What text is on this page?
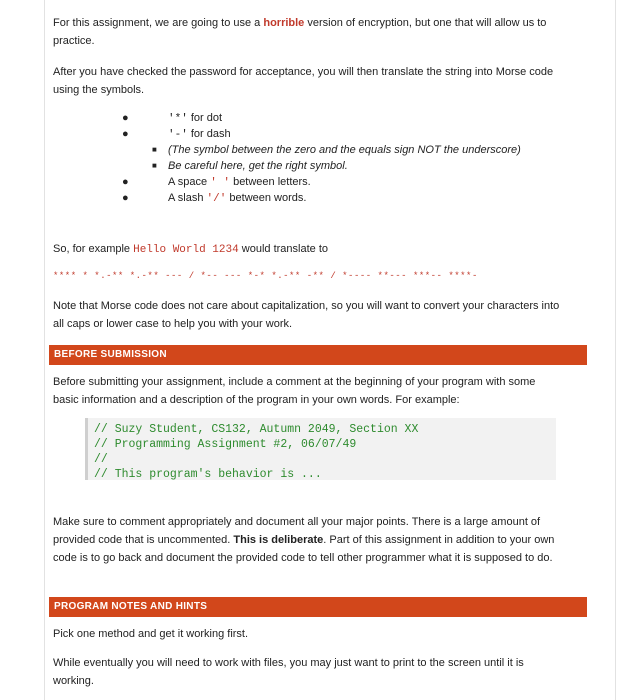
For this assignment, we are going to use a horrible version of encryption, but one that will allow us to practice.

After you have checked the password for acceptance, you will then translate the string into Morse code using the symbols.

●	'*' for dot
●	'-' for dash
■ (The symbol between the zero and the equals sign NOT the underscore)
■ Be careful here, get the right symbol.
●	A space ' ' between letters.
●	A slash '/' between words.

So, for example Hello World 1234 would translate to

**** * *.-** *.-** --- / *-- --- *-* *.-** -** / *---- **--- ***-- ****-

Note that Morse code does not care about capitalization, so you will want to convert your characters into all caps or lower case to help you with your work.

BEFORE SUBMISSION

Before submitting your assignment, include a comment at the beginning of your program with some basic information and a description of the program in your own words. For example:

// Suzy Student, CS132, Autumn 2049, Section XX
// Programming Assignment #2, 06/07/49
//
// This program's behavior is ...

Make sure to comment appropriately and document all your major points. There is a large amount of provided code that is uncommented. This is deliberate. Part of this assignment in addition to your own code is to go back and document the provided code to tell other programmer what it is supposed to do.

PROGRAM NOTES AND HINTS

Pick one method and get it working first.

While eventually you will need to work with files, you may just want to print to the screen until it is working.
